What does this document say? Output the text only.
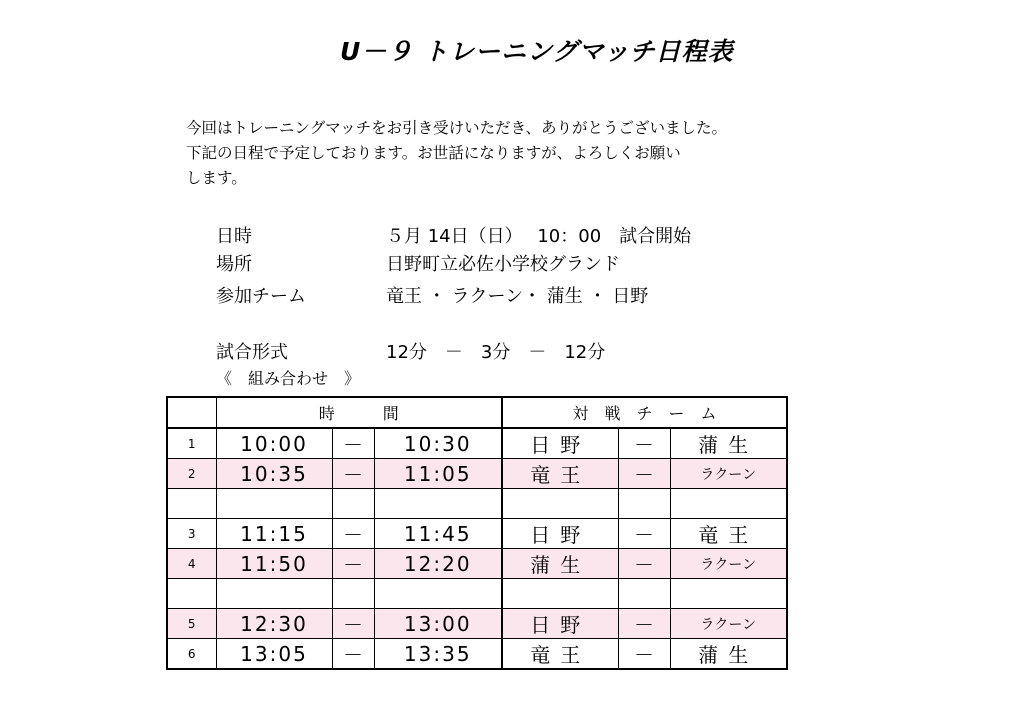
U－９ トレーニングマッチ日程表
今回はトレーニングマッチをお引き受けいただき、ありがとうございました。
下記の日程で予定しております。お世話になりますが、よろしくお願い
します。
日時	５月 14日（日）　 10：00　試合開始
場所	日野町立必佐小学校グランド
参加チーム	竜王 ・ ラクーン・ 蒲生 ・ 日野
試合形式	12分　－　3分　－　12分
《　組み合わせ　》
	時　　　間			対　戦　チ　ー　ム		
1	10:00	－	10:30	日野	－	蒲生
2	10:35	－	11:05	竜王	－	ラクーン

3	11:15	－	11:45	日野	－	竜王
4	11:50	－	12:20	蒲生	－	ラクーン

5	12:30	－	13:00	日野	－	ラクーン
6	13:05	－	13:35	竜王	－	蒲生
